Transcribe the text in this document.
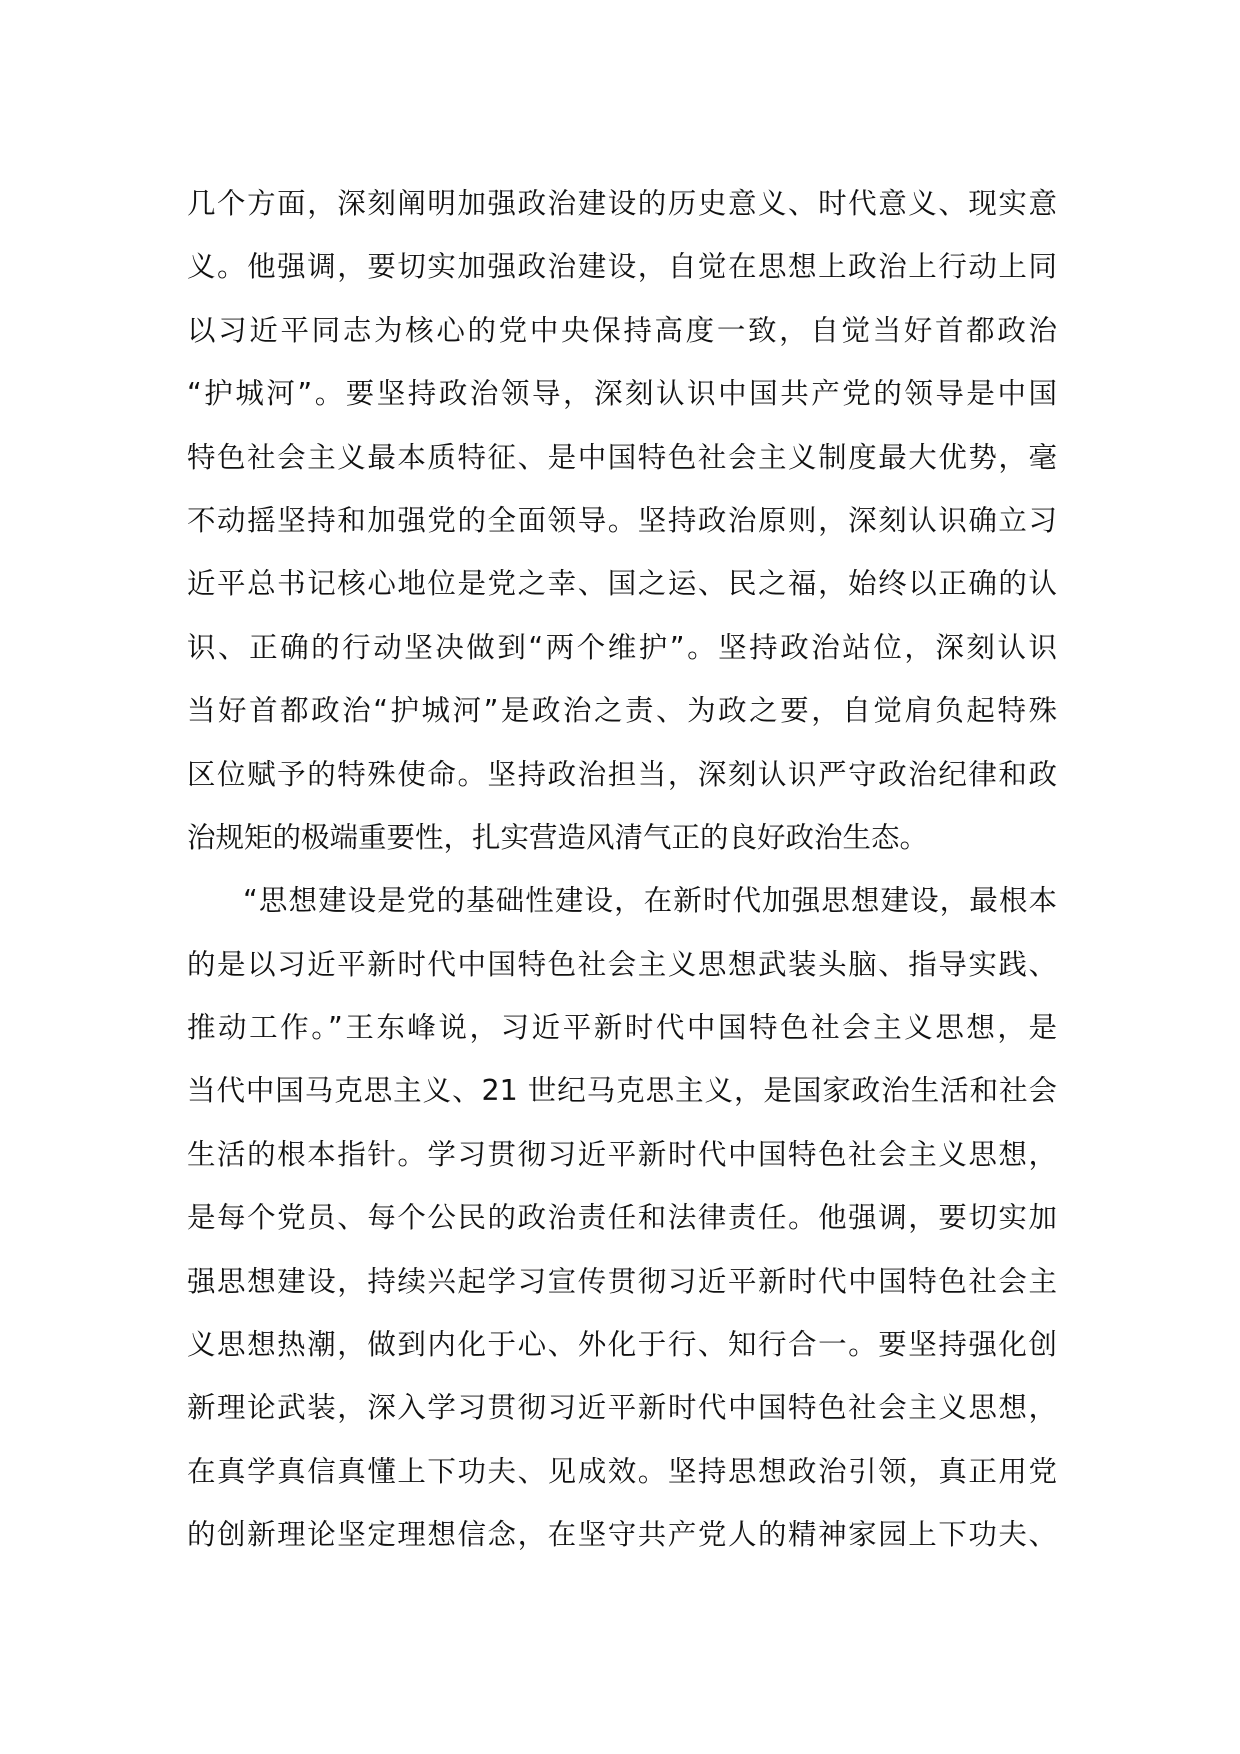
几个方面，深刻阐明加强政治建设的历史意义、时代意义、现实意
义。他强调，要切实加强政治建设，自觉在思想上政治上行动上同
以习近平同志为核心的党中央保持高度一致，自觉当好首都政治
“护城河”。要坚持政治领导，深刻认识中国共产党的领导是中国
特色社会主义最本质特征、是中国特色社会主义制度最大优势，毫
不动摇坚持和加强党的全面领导。坚持政治原则，深刻认识确立习
近平总书记核心地位是党之幸、国之运、民之福，始终以正确的认
识、正确的行动坚决做到“两个维护”。坚持政治站位，深刻认识
当好首都政治“护城河”是政治之责、为政之要，自觉肩负起特殊
区位赋予的特殊使命。坚持政治担当，深刻认识严守政治纪律和政
治规矩的极端重要性，扎实营造风清气正的良好政治生态。
“思想建设是党的基础性建设，在新时代加强思想建设，最根本
的是以习近平新时代中国特色社会主义思想武装头脑、指导实践、
推动工作。”王东峰说，习近平新时代中国特色社会主义思想，是
当代中国马克思主义、21 世纪马克思主义，是国家政治生活和社会
生活的根本指针。学习贯彻习近平新时代中国特色社会主义思想，
是每个党员、每个公民的政治责任和法律责任。他强调，要切实加
强思想建设，持续兴起学习宣传贯彻习近平新时代中国特色社会主
义思想热潮，做到内化于心、外化于行、知行合一。要坚持强化创
新理论武装，深入学习贯彻习近平新时代中国特色社会主义思想，
在真学真信真懂上下功夫、见成效。坚持思想政治引领，真正用党
的创新理论坚定理想信念，在坚守共产党人的精神家园上下功夫、
